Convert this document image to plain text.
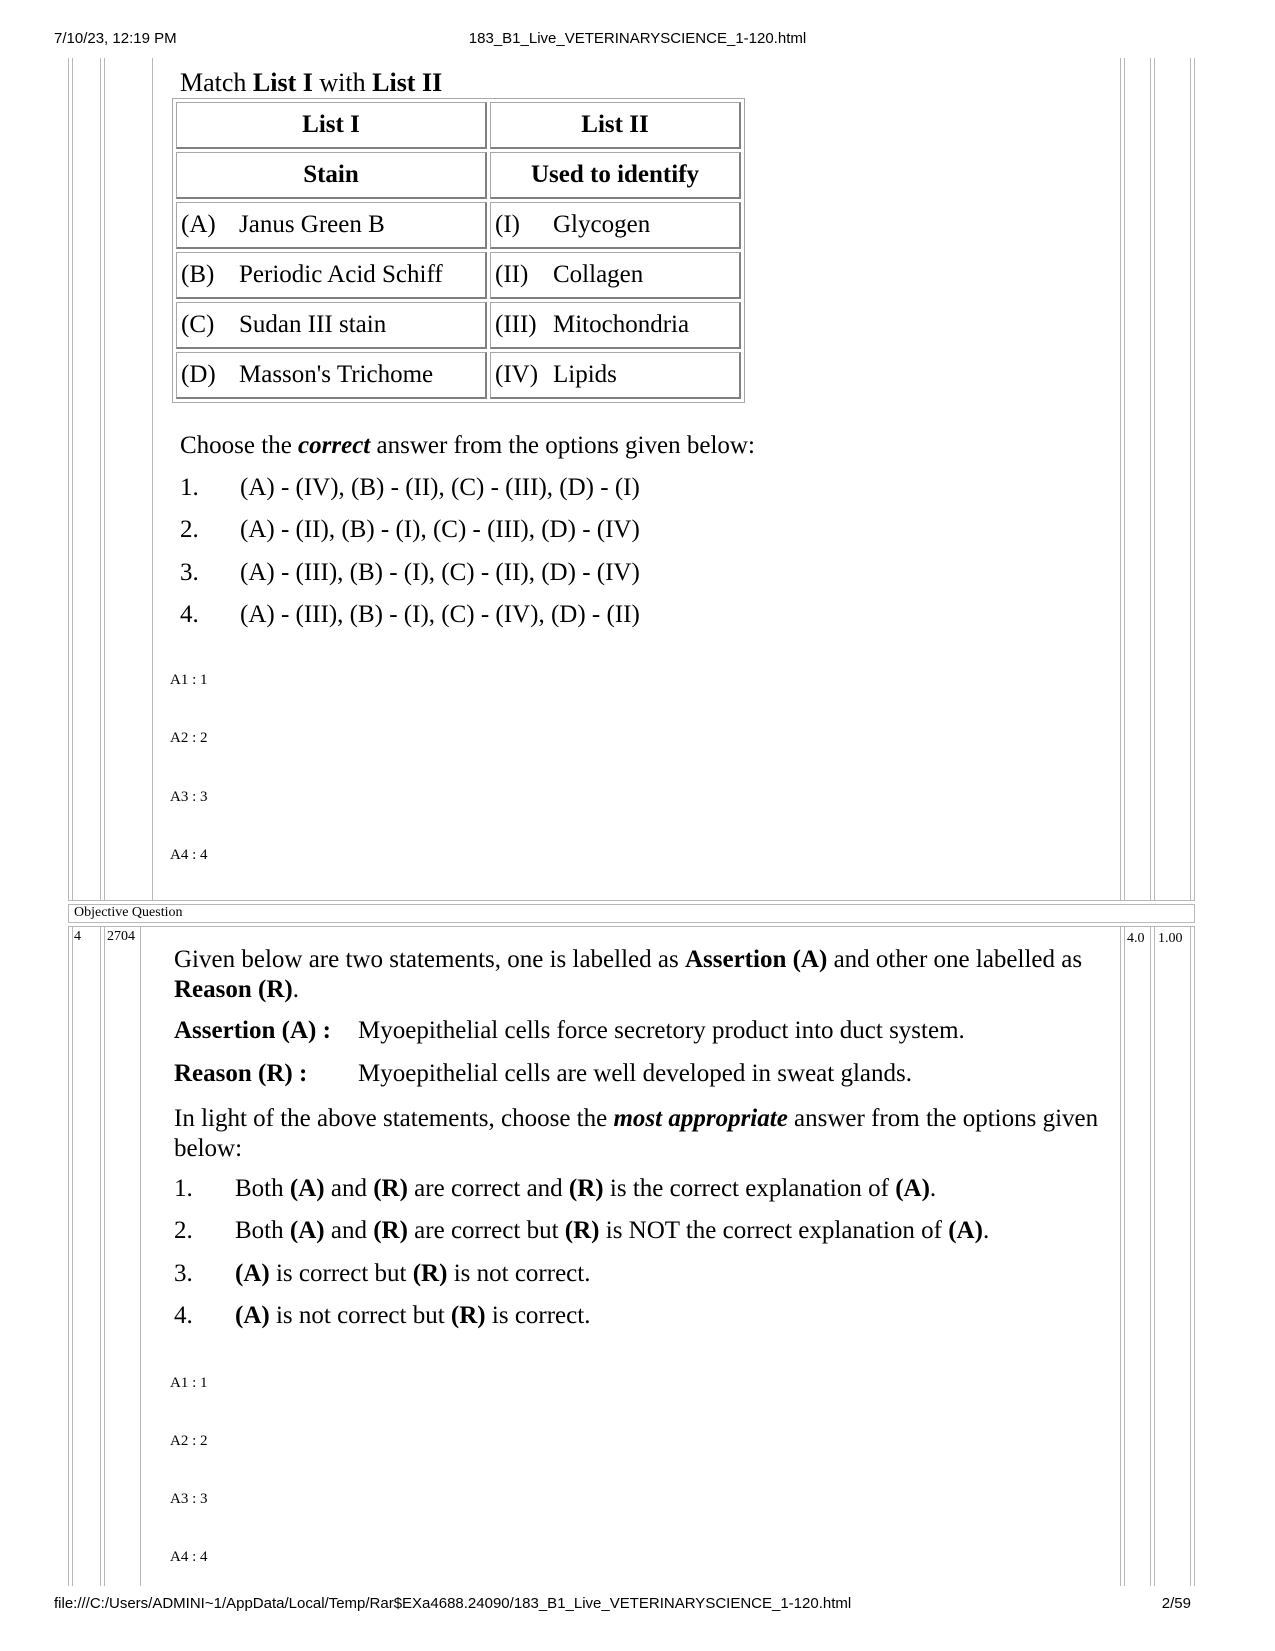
7/10/23, 12:19 PM	183_B1_Live_VETERINARYSCIENCE_1-120.html
Match List I with List II
List I	List II
Stain	Used to identify
(A) Janus Green B	(I) Glycogen
(B) Periodic Acid Schiff	(II) Collagen
(C) Sudan III stain	(III) Mitochondria
(D) Masson's Trichome	(IV) Lipids
Choose the correct answer from the options given below:
1. (A) - (IV), (B) - (II), (C) - (III), (D) - (I)
2. (A) - (II), (B) - (I), (C) - (III), (D) - (IV)
3. (A) - (III), (B) - (I), (C) - (II), (D) - (IV)
4. (A) - (III), (B) - (I), (C) - (IV), (D) - (II)
A1 : 1
A2 : 2
A3 : 3
A4 : 4
Objective Question
4 2704	4.0 1.00
Given below are two statements, one is labelled as Assertion (A) and other one labelled as Reason (R).
Assertion (A) : Myoepithelial cells force secretory product into duct system.
Reason (R) : Myoepithelial cells are well developed in sweat glands.
In light of the above statements, choose the most appropriate answer from the options given below:
1. Both (A) and (R) are correct and (R) is the correct explanation of (A).
2. Both (A) and (R) are correct but (R) is NOT the correct explanation of (A).
3. (A) is correct but (R) is not correct.
4. (A) is not correct but (R) is correct.
A1 : 1
A2 : 2
A3 : 3
A4 : 4
file:///C:/Users/ADMINI~1/AppData/Local/Temp/Rar$EXa4688.24090/183_B1_Live_VETERINARYSCIENCE_1-120.html	2/59
